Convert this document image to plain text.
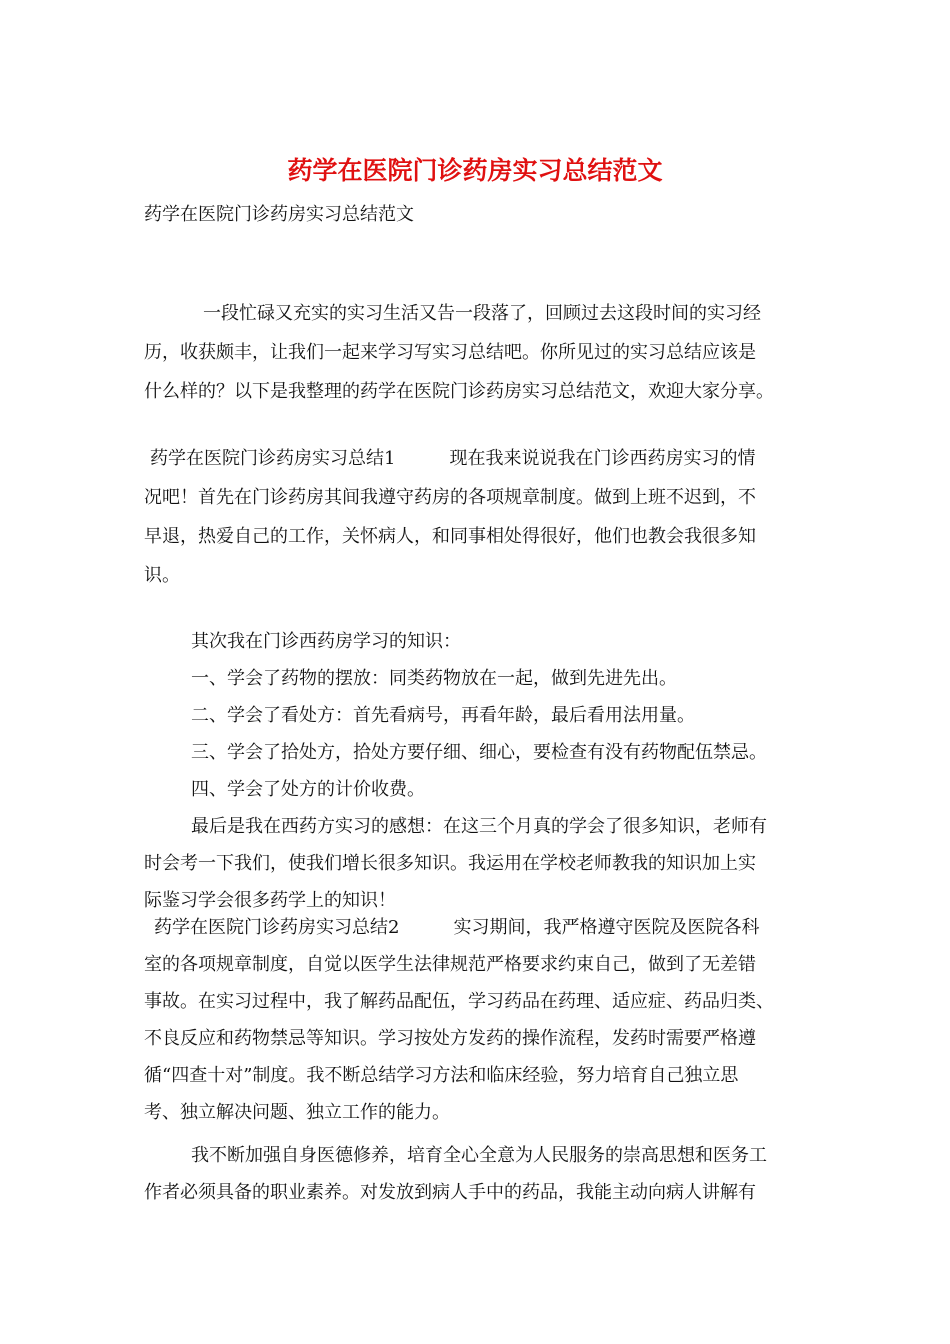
药学在医院门诊药房实习总结范文
药学在医院门诊药房实习总结范文
一段忙碌又充实的实习生活又告一段落了，回顾过去这段时间的实习经
历，收获颇丰，让我们一起来学习写实习总结吧。你所见过的实习总结应该是
什么样的？以下是我整理的药学在医院门诊药房实习总结范文，欢迎大家分享。
药学在医院门诊药房实习总结1　　　现在我来说说我在门诊西药房实习的情
况吧！首先在门诊药房其间我遵守药房的各项规章制度。做到上班不迟到，不
早退，热爱自己的工作，关怀病人，和同事相处得很好，他们也教会我很多知
识。
其次我在门诊西药房学习的知识：
一、学会了药物的摆放：同类药物放在一起，做到先进先出。
二、学会了看处方：首先看病号，再看年龄，最后看用法用量。
三、学会了拾处方，拾处方要仔细、细心，要检查有没有药物配伍禁忌。
四、学会了处方的计价收费。
最后是我在西药方实习的感想：在这三个月真的学会了很多知识，老师有
时会考一下我们，使我们增长很多知识。我运用在学校老师教我的知识加上实
际鉴习学会很多药学上的知识！
药学在医院门诊药房实习总结2　　　实习期间，我严格遵守医院及医院各科
室的各项规章制度，自觉以医学生法律规范严格要求约束自己，做到了无差错
事故。在实习过程中，我了解药品配伍，学习药品在药理、适应症、药品归类、
不良反应和药物禁忌等知识。学习按处方发药的操作流程，发药时需要严格遵
循“四查十对”制度。我不断总结学习方法和临床经验，努力培育自己独立思
考、独立解决问题、独立工作的能力。
我不断加强自身医德修养，培育全心全意为人民服务的崇高思想和医务工
作者必须具备的职业素养。对发放到病人手中的药品，我能主动向病人讲解有
